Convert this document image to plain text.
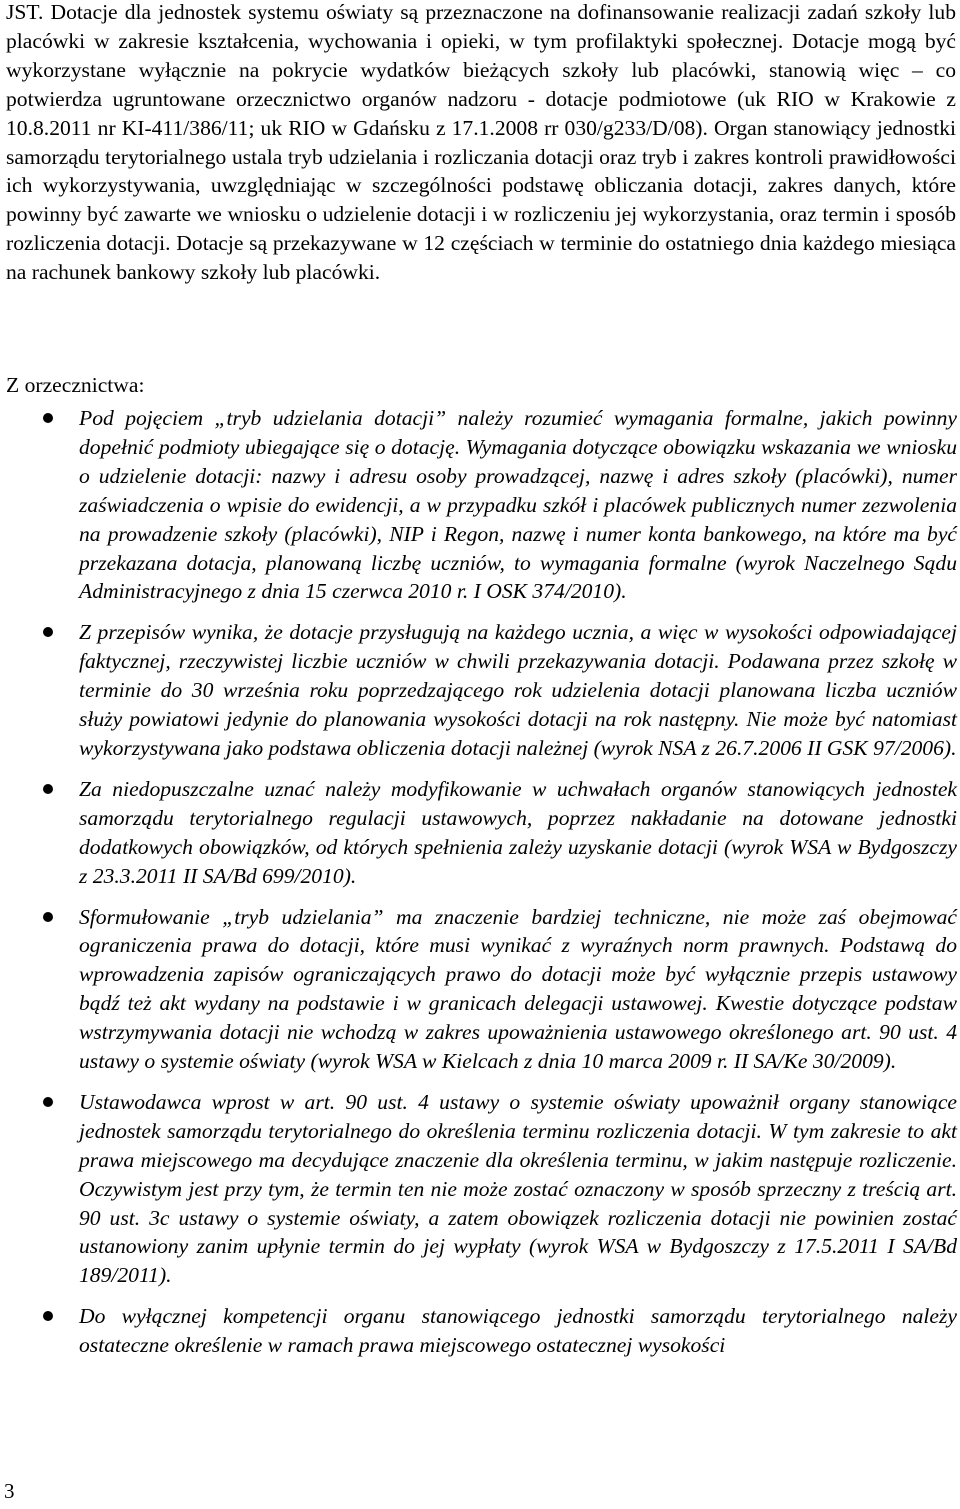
JST. Dotacje dla jednostek systemu oświaty są przeznaczone na dofinansowanie realizacji zadań szkoły lub placówki w zakresie kształcenia, wychowania i opieki, w tym profilaktyki społecznej. Dotacje mogą być wykorzystane wyłącznie na pokrycie wydatków bieżących szkoły lub placówki, stanowią więc – co potwierdza ugruntowane orzecznictwo organów nadzoru - dotacje podmiotowe (uk RIO w Krakowie z 10.8.2011 nr KI-411/386/11; uk RIO w Gdańsku z 17.1.2008 rr 030/g233/D/08). Organ stanowiący jednostki samorządu terytorialnego ustala tryb udzielania i rozliczania dotacji oraz tryb i zakres kontroli prawidłowości ich wykorzystywania, uwzględniając w szczególności podstawę obliczania dotacji, zakres danych, które powinny być zawarte we wniosku o udzielenie dotacji i w rozliczeniu jej wykorzystania, oraz termin i sposób rozliczenia dotacji. Dotacje są przekazywane w 12 częściach w terminie do ostatniego dnia każdego miesiąca na rachunek bankowy szkoły lub placówki.

Z orzecznictwa:

Pod pojęciem „tryb udzielania dotacji” należy rozumieć wymagania formalne, jakich powinny dopełnić podmioty ubiegające się o dotację. Wymagania dotyczące obowiązku wskazania we wniosku o udzielenie dotacji: nazwy i adresu osoby prowadzącej, nazwę i adres szkoły (placówki), numer zaświadczenia o wpisie do ewidencji, a w przypadku szkół i placówek publicznych numer zezwolenia na prowadzenie szkoły (placówki), NIP i Regon, nazwę i numer konta bankowego, na które ma być przekazana dotacja, planowaną liczbę uczniów, to wymagania formalne (wyrok Naczelnego Sądu Administracyjnego z dnia 15 czerwca 2010 r. I OSK 374/2010).
Z przepisów wynika, że dotacje przysługują na każdego ucznia, a więc w wysokości odpowiadającej faktycznej, rzeczywistej liczbie uczniów w chwili przekazywania dotacji. Podawana przez szkołę w terminie do 30 września roku poprzedzającego rok udzielenia dotacji planowana liczba uczniów służy powiatowi jedynie do planowania wysokości dotacji na rok następny. Nie może być natomiast wykorzystywana jako podstawa obliczenia dotacji należnej (wyrok NSA z 26.7.2006 II GSK 97/2006).
Za niedopuszczalne uznać należy modyfikowanie w uchwałach organów stanowiących jednostek samorządu terytorialnego regulacji ustawowych, poprzez nakładanie na dotowane jednostki dodatkowych obowiązków, od których spełnienia zależy uzyskanie dotacji (wyrok WSA w Bydgoszczy z 23.3.2011 II SA/Bd 699/2010).
Sformułowanie „tryb udzielania” ma znaczenie bardziej techniczne, nie może zaś obejmować ograniczenia prawa do dotacji, które musi wynikać z wyraźnych norm prawnych. Podstawą do wprowadzenia zapisów ograniczających prawo do dotacji może być wyłącznie przepis ustawowy bądź też akt wydany na podstawie i w granicach delegacji ustawowej. Kwestie dotyczące podstaw wstrzymywania dotacji nie wchodzą w zakres upoważnienia ustawowego określonego art. 90 ust. 4 ustawy o systemie oświaty (wyrok WSA w Kielcach z dnia 10 marca 2009 r. II SA/Ke 30/2009).
Ustawodawca wprost w art. 90 ust. 4 ustawy o systemie oświaty upoważnił organy stanowiące jednostek samorządu terytorialnego do określenia terminu rozliczenia dotacji. W tym zakresie to akt prawa miejscowego ma decydujące znaczenie dla określenia terminu, w jakim następuje rozliczenie. Oczywistym jest przy tym, że termin ten nie może zostać oznaczony w sposób sprzeczny z treścią art. 90 ust. 3c ustawy o systemie oświaty, a zatem obowiązek rozliczenia dotacji nie powinien zostać ustanowiony zanim upłynie termin do jej wypłaty (wyrok WSA w Bydgoszczy z 17.5.2011 I SA/Bd 189/2011).
Do wyłącznej kompetencji organu stanowiącego jednostki samorządu terytorialnego należy ostateczne określenie w ramach prawa miejscowego ostatecznej wysokości

3
